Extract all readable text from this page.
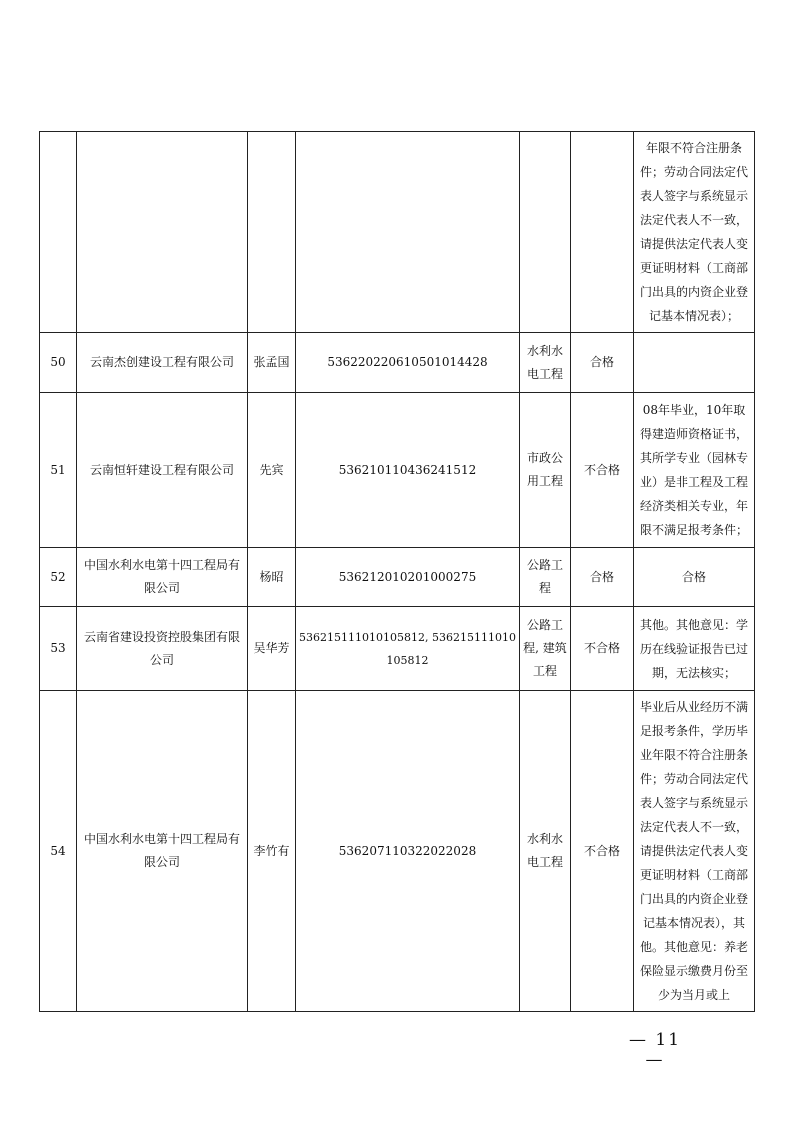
						年限不符合注册条件；劳动合同法定代表人签字与系统显示法定代表人不一致，请提供法定代表人变更证明材料（工商部门出具的内资企业登记基本情况表）；
50	云南杰创建设工程有限公司	张孟国	536220220610501014428	水利水电工程	合格	
51	云南恒轩建设工程有限公司	先宾	536210110436241512	市政公用工程	不合格	08年毕业，10年取得建造师资格证书，其所学专业（园林专业）是非工程及工程经济类相关专业，年限不满足报考条件；
52	中国水利水电第十四工程局有限公司	杨昭	536212010201000275	公路工程	合格	合格
53	云南省建设投资控股集团有限公司	吴华芳	536215111010105812, 536215111010105812	公路工程, 建筑工程	不合格	其他。其他意见：学历在线验证报告已过期，无法核实；
54	中国水利水电第十四工程局有限公司	李竹有	536207110322022028	水利水电工程	不合格	毕业后从业经历不满足报考条件，学历毕业年限不符合注册条件；劳动合同法定代表人签字与系统显示法定代表人不一致，请提供法定代表人变更证明材料（工商部门出具的内资企业登记基本情况表），其他。其他意见：养老保险显示缴费月份至少为当月或上
— 11 —
